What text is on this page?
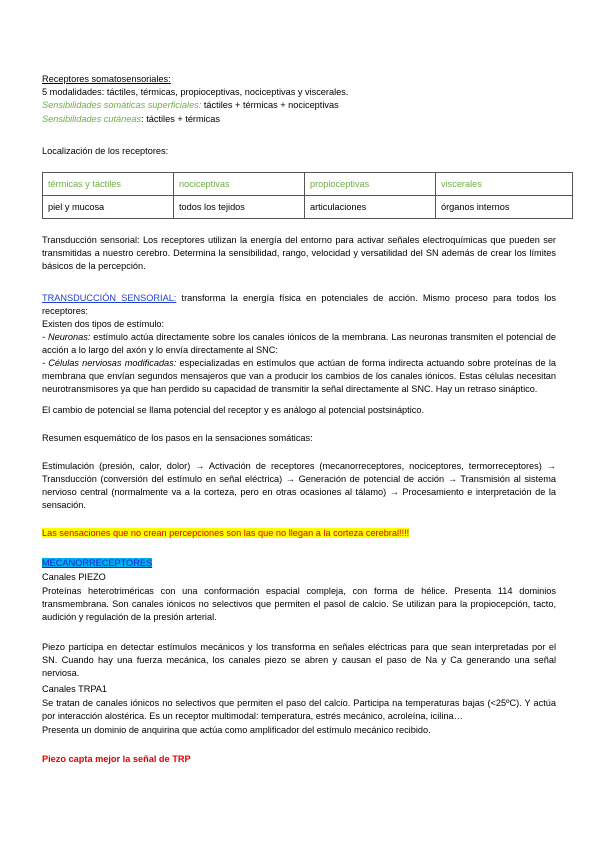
Receptores somatosensoriales:
5 modalidades: táctiles, térmicas, propioceptivas, nociceptivas y viscerales.
Sensibilidades somáticas superficiales: táctiles + térmicas + nociceptivas
Sensibilidades cutáneas: táctiles + térmicas
Localización de los receptores:
térmicas y táctiles	nociceptivas	propioceptivas	viscerales
piel y mucosa	todos los tejidos	articulaciones	órganos internos
Transducción sensorial: Los receptores utilizan la energía del entorno para activar señales electroquímicas que pueden ser transmitidas a nuestro cerebro. Determina la sensibilidad, rango, velocidad y versatilidad del SN además de crear los límites básicos de la percepción.
TRANSDUCCIÓN SENSORIAL: transforma la energía física en potenciales de acción. Mismo proceso para todos los receptores:
Existen dos tipos de estímulo:
- Neuronas: estímulo actúa directamente sobre los canales iónicos de la membrana. Las neuronas transmiten el potencial de acción a lo largo del axón y lo envía directamente al SNC:
- Células nerviosas modificadas: especializadas en estímulos que actúan de forma indirecta actuando sobre proteínas de la membrana que envían segundos mensajeros que van a producir los cambios de los canales iónicos. Estas células necesitan neurotransmisores ya que han perdido su capacidad de transmitir la señal directamente al SNC. Hay un retraso sináptico.
El cambio de potencial se llama potencial del receptor y es análogo al potencial postsináptico.
Resumen esquemático de los pasos en la sensaciones somáticas:
Estimulación (presión, calor, dolor) → Activación de receptores (mecanorreceptores, nociceptores, termorreceptores) → Transducción (conversión del estímulo en señal eléctrica) → Generación de potencial de acción → Transmisión al sistema nervioso central (normalmente va a la corteza, pero en otras ocasiones al tálamo) → Procesamiento e interpretación de la sensación.
Las sensaciones que no crean percepciones son las que no llegan a la corteza cerebral!!!!
MECANORRECEPTORES
Canales PIEZO
Proteínas heterotriméricas con una conformación espacial compleja, con forma de hélice. Presenta 114 dominios transmembrana. Son canales iónicos no selectivos que permiten el pasol de calcio. Se utilizan para la propiocepción, tacto, audición y regulación de la presión arterial.
Piezo participa en detectar estímulos mecánicos y los transforma en señales eléctricas para que sean interpretadas por el SN. Cuando hay una fuerza mecánica, los canales piezo se abren y causan el paso de Na y Ca generando una señal nerviosa.
Canales TRPA1
Se tratan de canales iónicos no selectivos que permiten el paso del calcio. Participa na temperaturas bajas (<25ºC). Y actúa por interacción alostérica. Es un receptor multimodal: temperatura, estrés mecánico, acroleína, icilina…
Presenta un dominio de anquirina que actúa como amplificador del estímulo mecánico recibido.
Piezo capta mejor la señal de TRP
